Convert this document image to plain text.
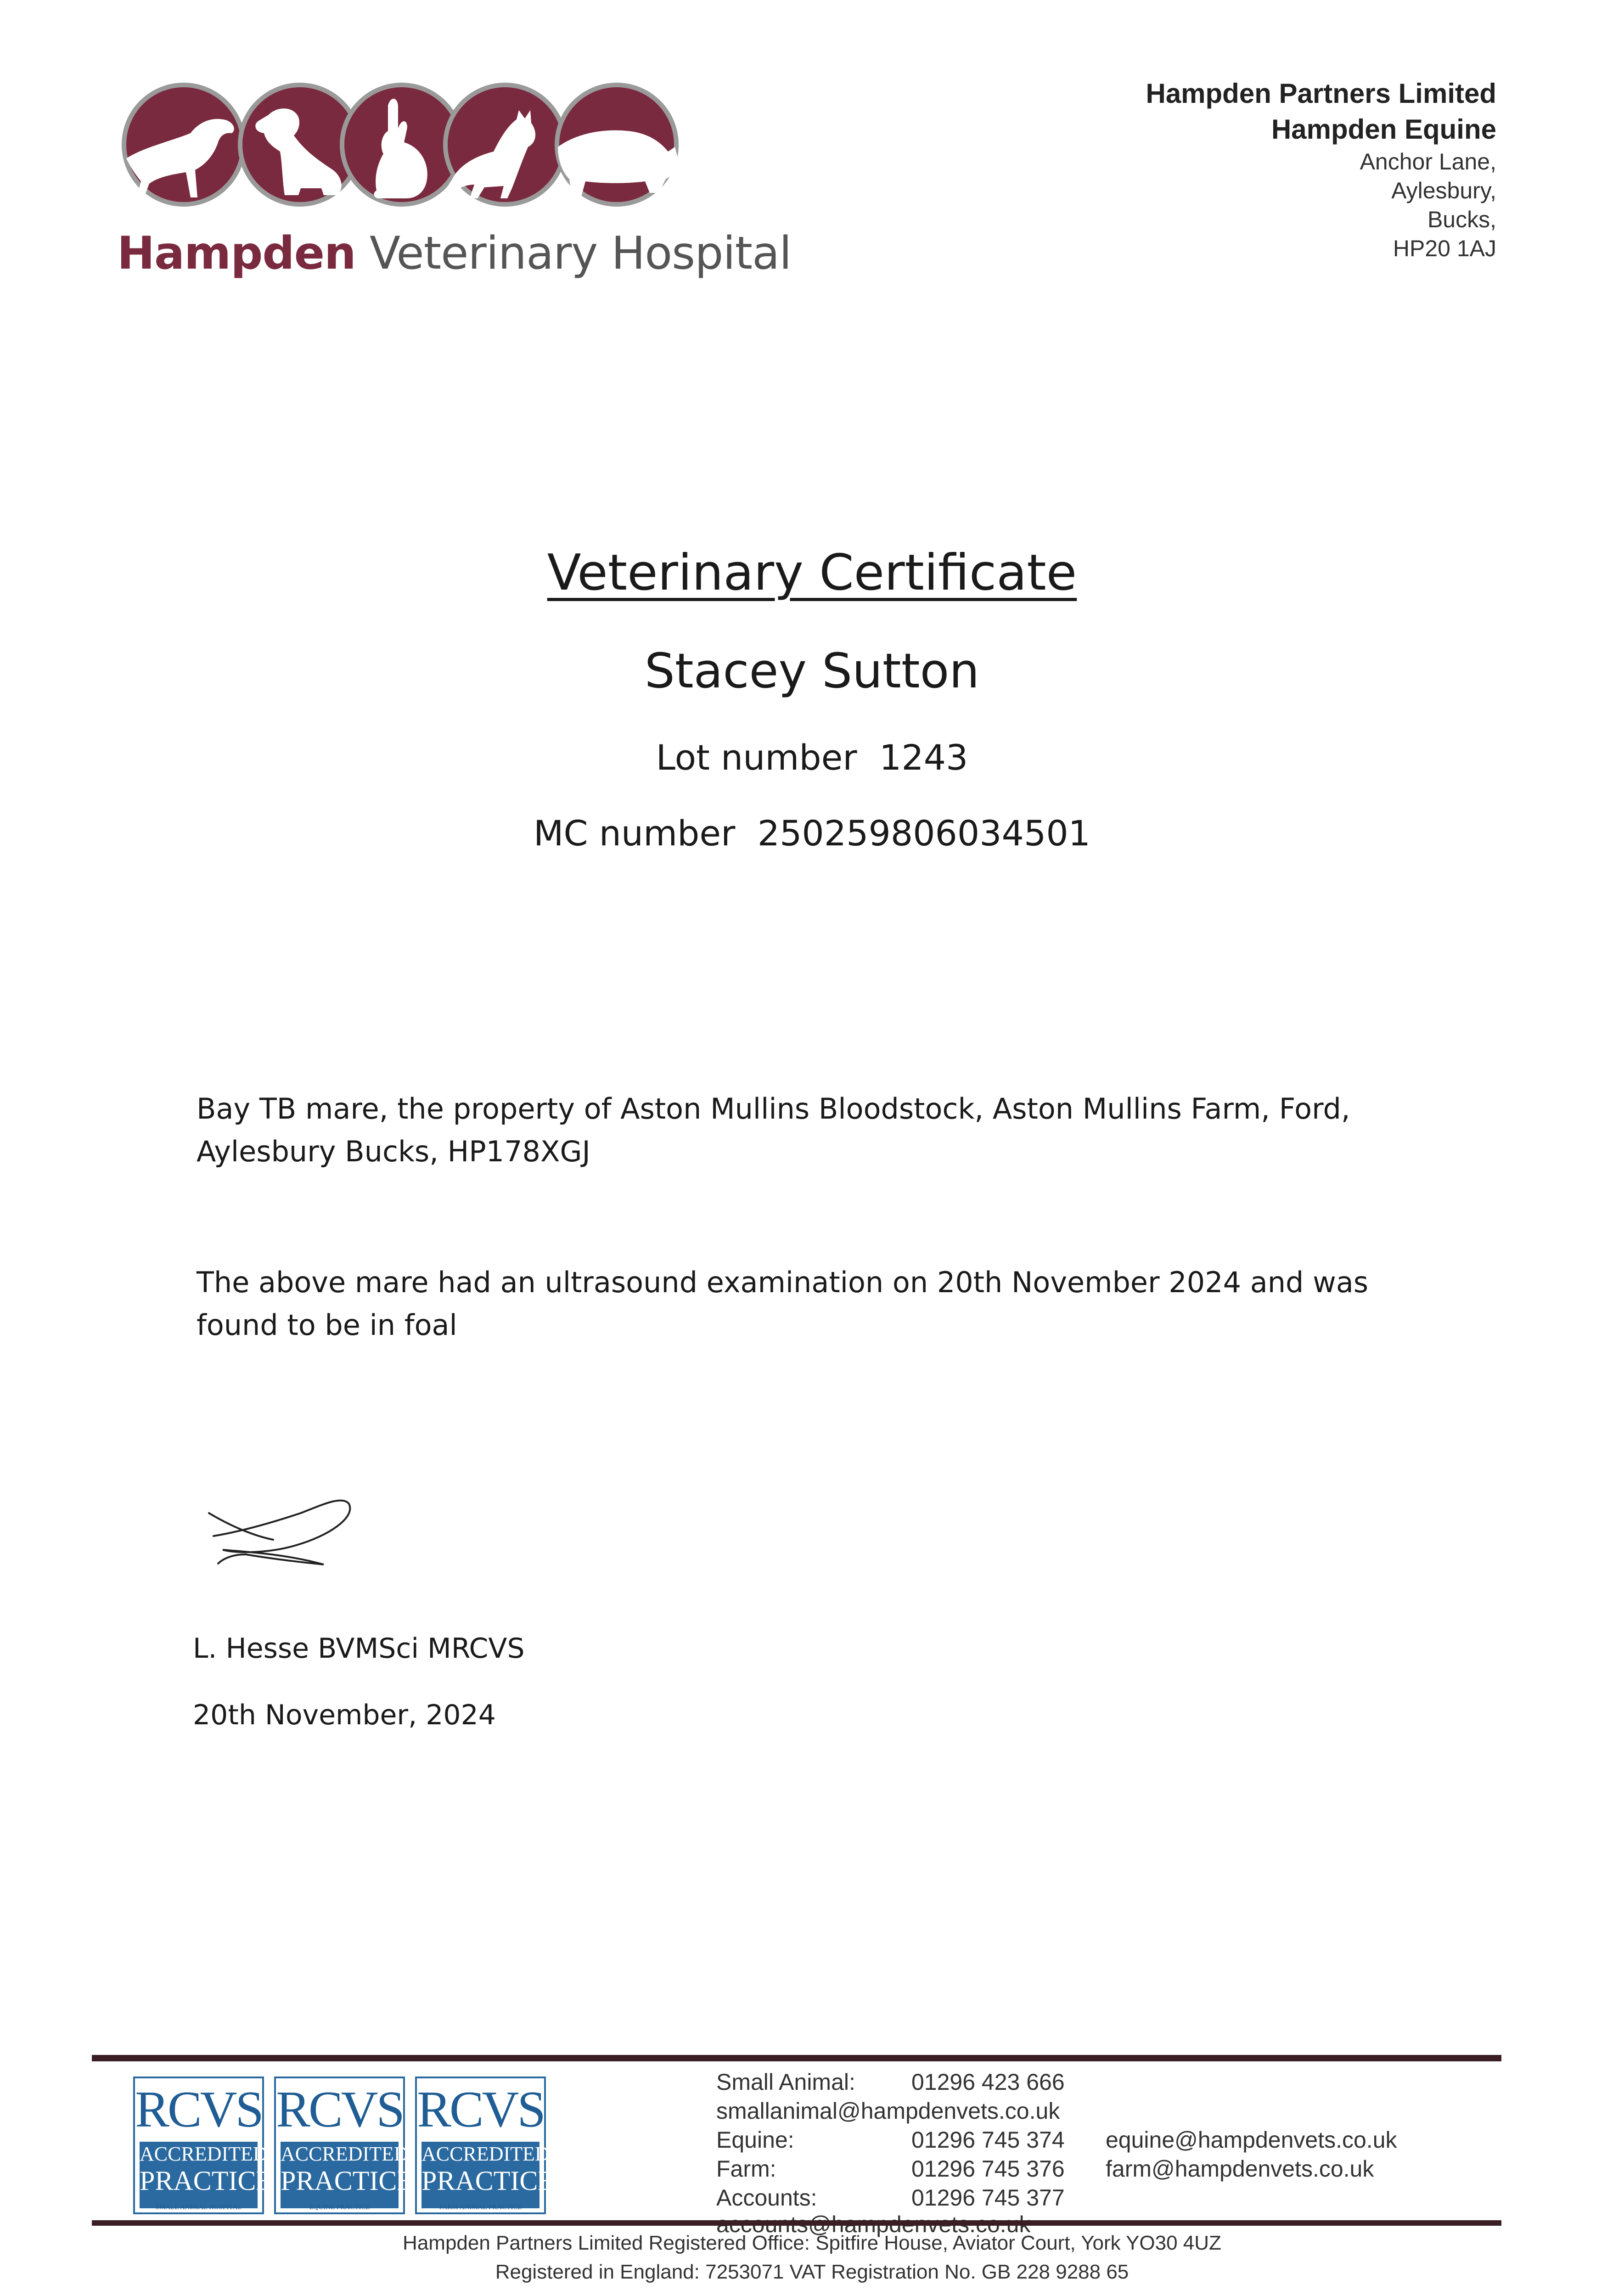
Hampden Veterinary Hospital
Hampden Partners Limited
Hampden Equine
Anchor Lane,
Aylesbury,
Bucks,
HP20 1AJ
Veterinary Certificate
Stacey Sutton
Lot number 1243
MC number 250259806034501
Bay TB mare, the property of Aston Mullins Bloodstock, Aston Mullins Farm, Ford, Aylesbury Bucks, HP178XGJ
The above mare had an ultrasound examination on 20th November 2024 and was found to be in foal
L. Hesse BVMSci MRCVS
20th November, 2024
RCVS
ACCREDITED
PRACTICE
SMALL ANIMAL HOSPITAL
RCVS
ACCREDITED
PRACTICE
EQUINE PRACTICE
RCVS
ACCREDITED
PRACTICE
FARM ANIMAL PRACTICE
Small Animal: 01296 423 666
smallanimal@hampdenvets.co.uk
Equine:	01296 745 374 equine@hampdenvets.co.uk
Farm:	01296 745 376 farm@hampdenvets.co.uk
Accounts:	01296 745 377
Hampden Partners Limited Registered Office: Spitfire House, Aviator Court, York YO30 4UZ
Registered in England: 7253071 VAT Registration No. GB 228 9288 65
